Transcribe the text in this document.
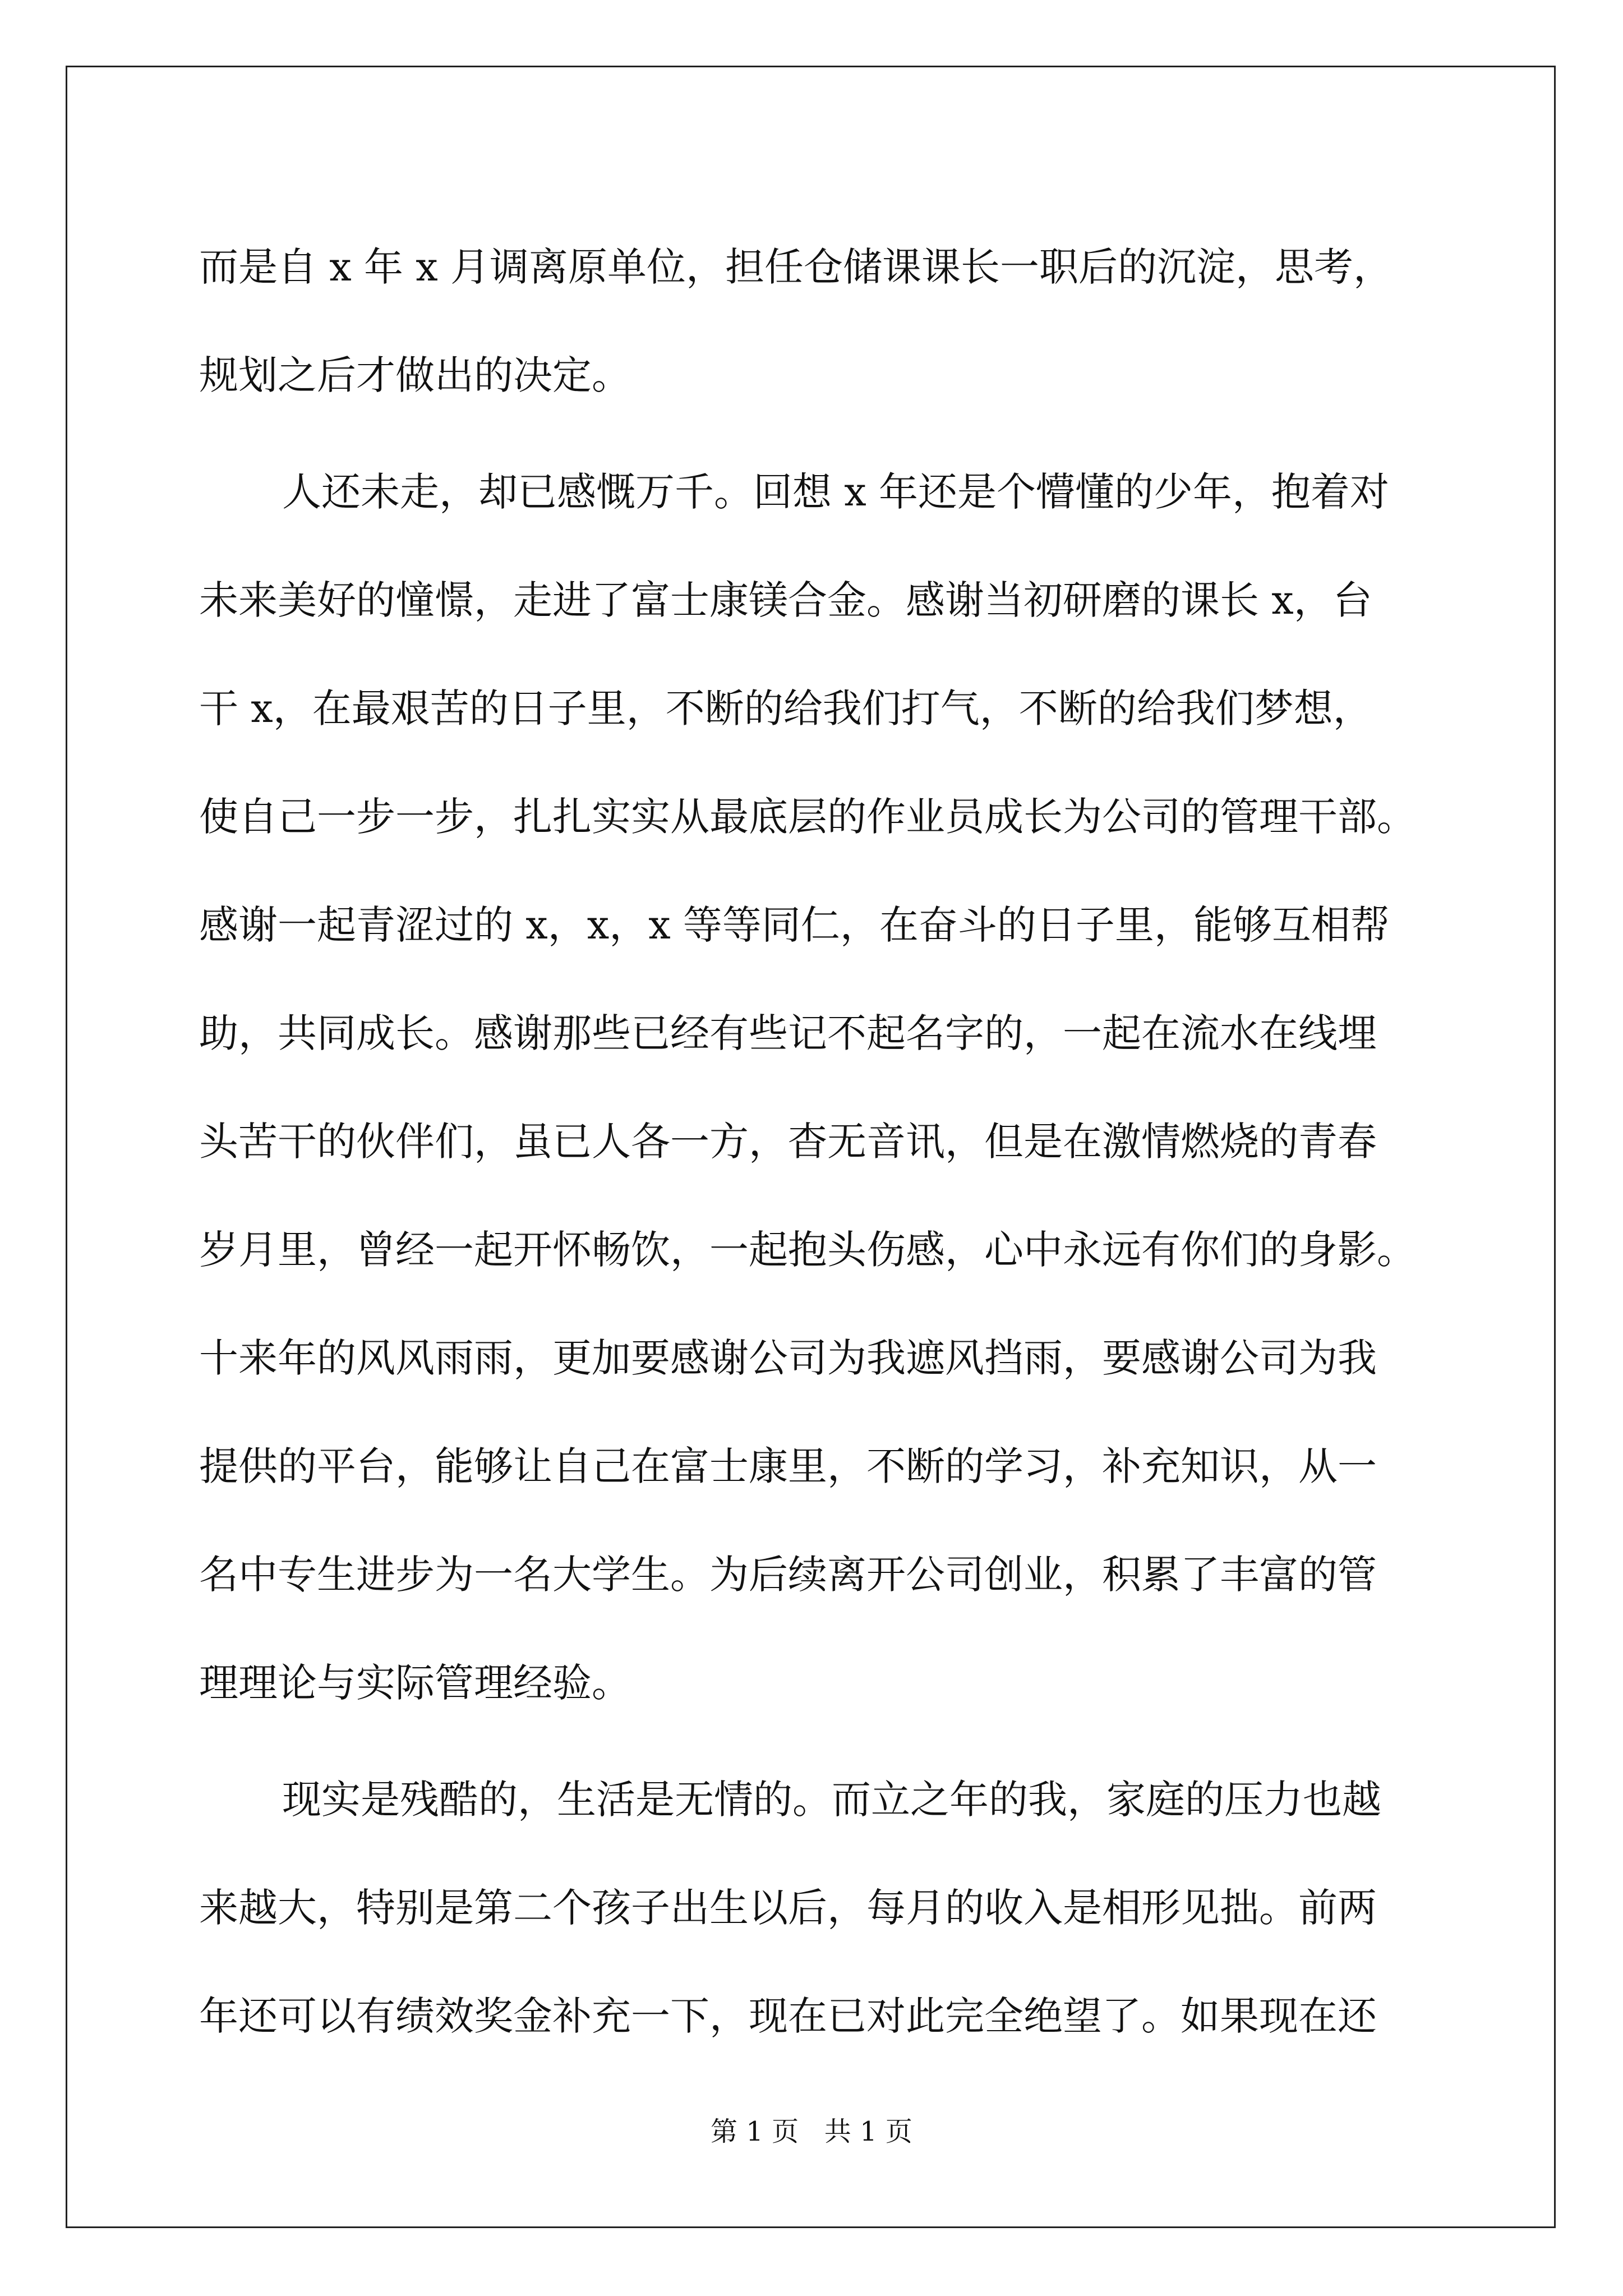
而是自 x 年 x 月调离原单位，担任仓储课课长一职后的沉淀，思考，
规划之后才做出的决定。
人还未走，却已感慨万千。回想 x 年还是个懵懂的少年，抱着对
未来美好的憧憬，走进了富士康镁合金。感谢当初研磨的课长 x，台
干 x，在最艰苦的日子里，不断的给我们打气，不断的给我们梦想，
使自己一步一步，扎扎实实从最底层的作业员成长为公司的管理干部。
感谢一起青涩过的 x，x，x 等等同仁，在奋斗的日子里，能够互相帮
助，共同成长。感谢那些已经有些记不起名字的，一起在流水在线埋
头苦干的伙伴们，虽已人各一方，杳无音讯，但是在激情燃烧的青春
岁月里，曾经一起开怀畅饮，一起抱头伤感，心中永远有你们的身影。
十来年的风风雨雨，更加要感谢公司为我遮风挡雨，要感谢公司为我
提供的平台，能够让自己在富士康里，不断的学习，补充知识，从一
名中专生进步为一名大学生。为后续离开公司创业，积累了丰富的管
理理论与实际管理经验。
现实是残酷的，生活是无情的。而立之年的我，家庭的压力也越
来越大，特别是第二个孩子出生以后，每月的收入是相形见拙。前两
年还可以有绩效奖金补充一下，现在已对此完全绝望了。如果现在还
第 1 页   共 1 页
